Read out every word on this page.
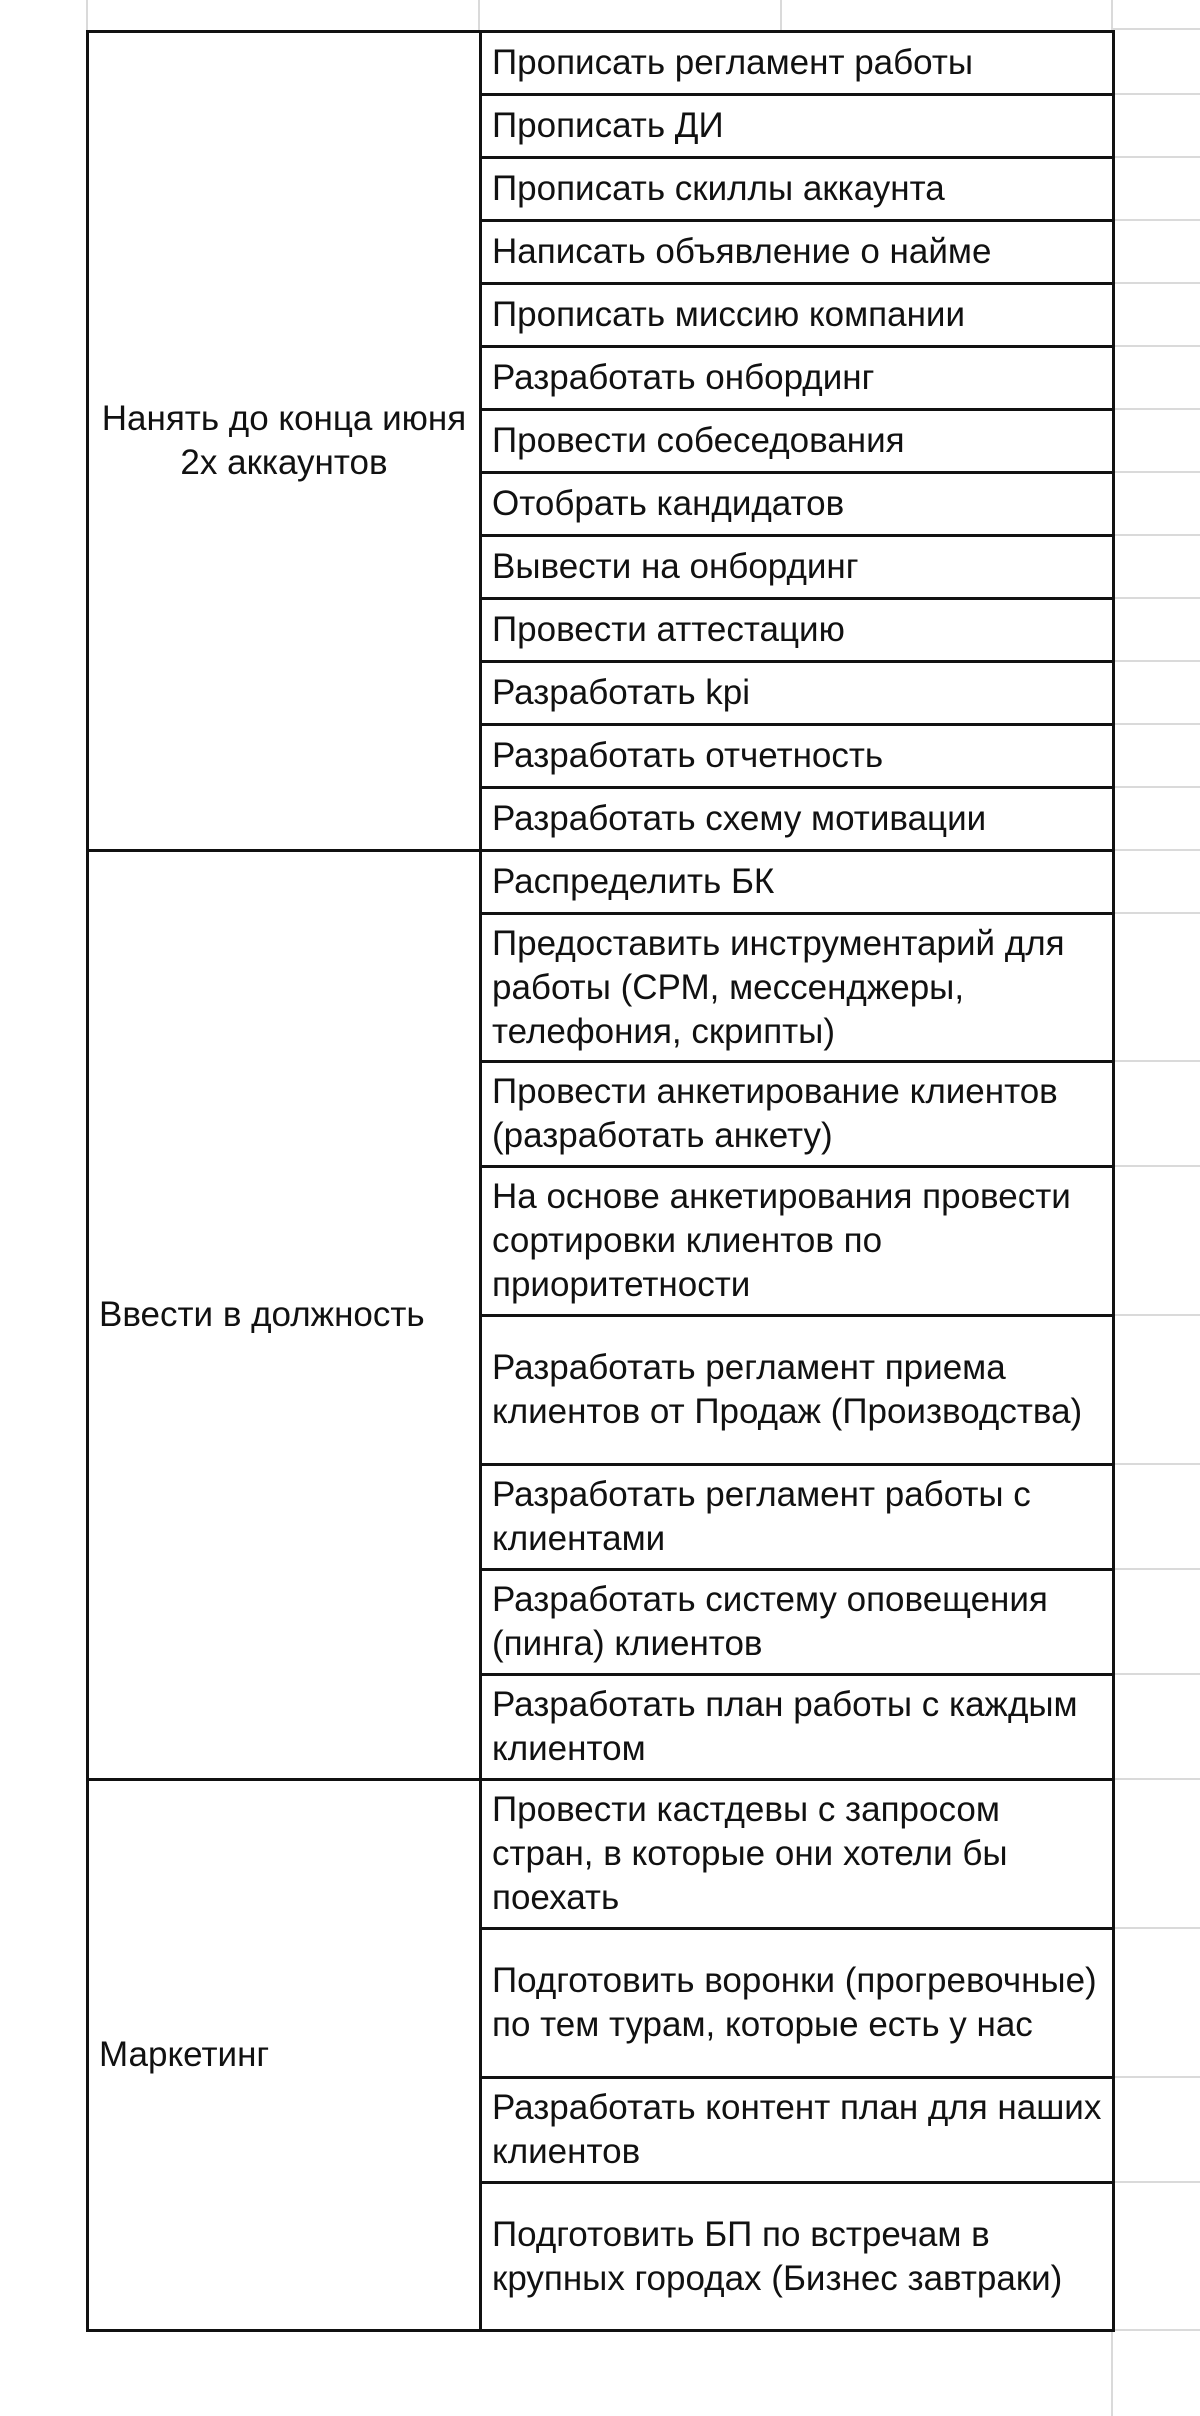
Нанять до конца июня 2х аккаунтов	Прописать регламент работы
	Прописать ДИ
	Прописать скиллы аккаунта
	Написать объявление о найме
	Прописать миссию компании
	Разработать онбординг
	Провести собеседования
	Отобрать кандидатов
	Вывести на онбординг
	Провести аттестацию
	Разработать kpi
	Разработать отчетность
	Разработать схему мотивации
Ввести в должность	Распределить БК
	Предоставить инструментарий для работы (СРМ, мессенджеры, телефония, скрипты)
	Провести анкетирование клиентов (разработать анкету)
	На основе анкетирования провести сортировки клиентов по приоритетности
	Разработать регламент приема клиентов от Продаж (Производства)
	Разработать регламент работы с клиентами
	Разработать систему оповещения (пинга) клиентов
	Разработать план работы с каждым клиентом
Маркетинг	Провести кастдевы с запросом стран, в которые они хотели бы поехать
	Подготовить воронки (прогревочные) по тем турам, которые есть у нас
	Разработать контент план для наших клиентов
	Подготовить БП по встречам в крупных городах (Бизнес завтраки)
